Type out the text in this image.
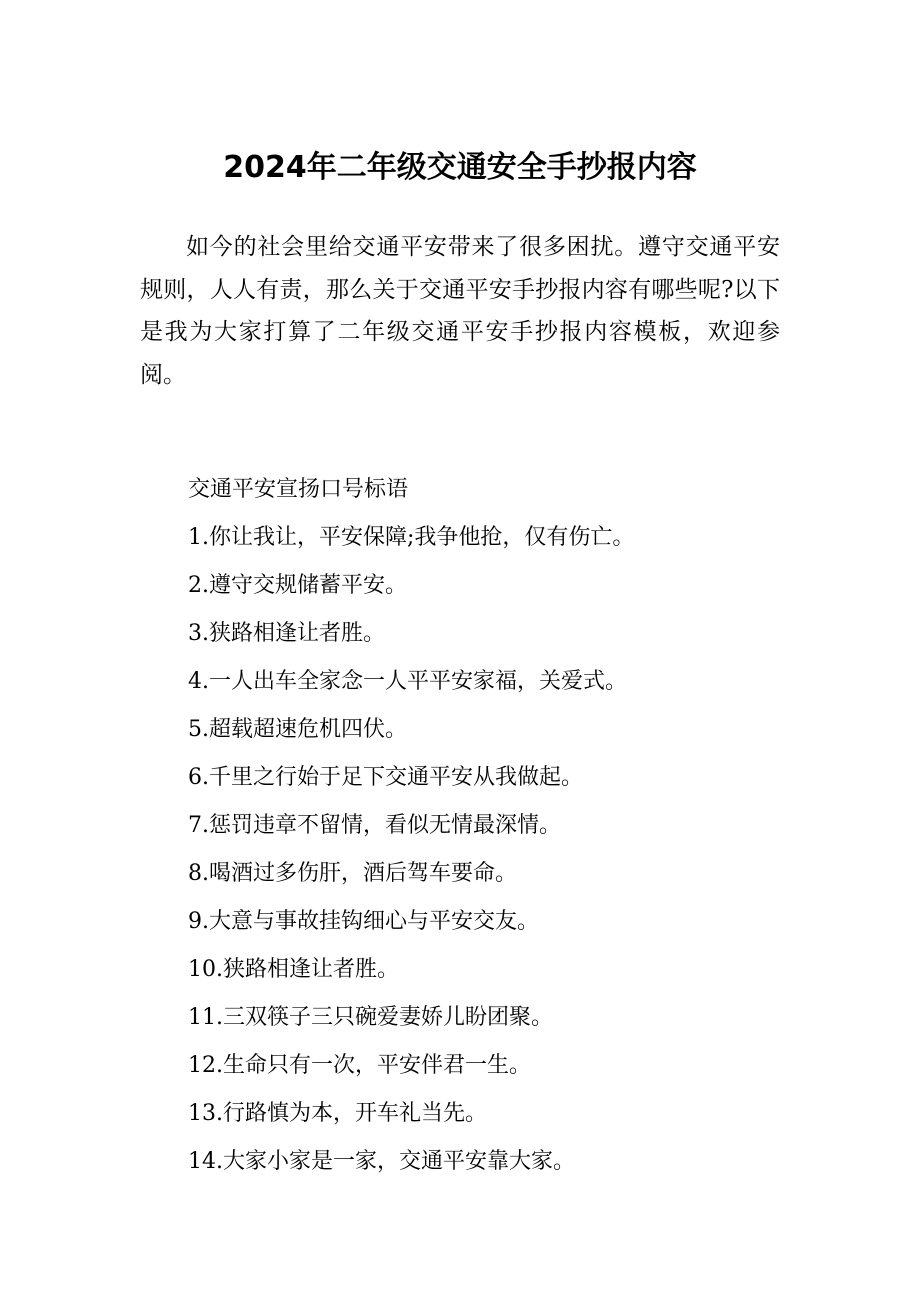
2024年二年级交通安全手抄报内容

如今的社会里给交通平安带来了很多困扰。遵守交通平安规则，人人有责，那么关于交通平安手抄报内容有哪些呢?以下是我为大家打算了二年级交通平安手抄报内容模板，欢迎参阅。

交通平安宣扬口号标语
1.你让我让，平安保障;我争他抢，仅有伤亡。
2.遵守交规储蓄平安。
3.狭路相逢让者胜。
4.一人出车全家念一人平平安家福，关爱式。
5.超载超速危机四伏。
6.千里之行始于足下交通平安从我做起。
7.惩罚违章不留情，看似无情最深情。
8.喝酒过多伤肝，酒后驾车要命。
9.大意与事故挂钩细心与平安交友。
10.狭路相逢让者胜。
11.三双筷子三只碗爱妻娇儿盼团聚。
12.生命只有一次，平安伴君一生。
13.行路慎为本，开车礼当先。
14.大家小家是一家，交通平安靠大家。
